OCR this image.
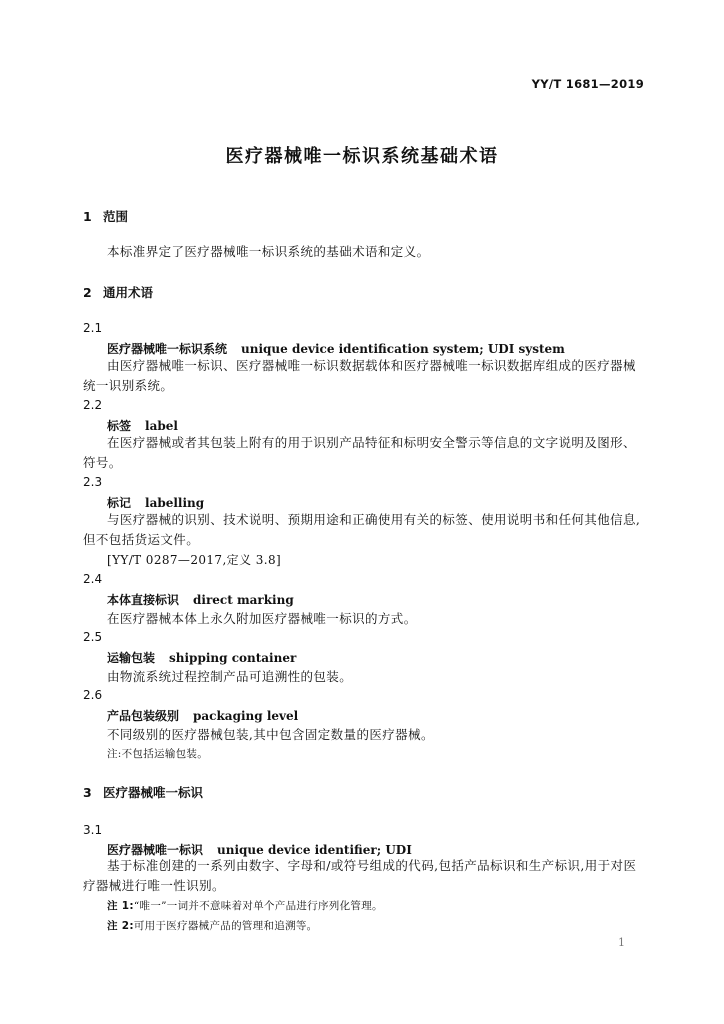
YY/T 1681—2019
医疗器械唯一标识系统基础术语
1 范围
本标准界定了医疗器械唯一标识系统的基础术语和定义。
2 通用术语
2.1
医疗器械唯一标识系统 unique device identification system; UDI system
由医疗器械唯一标识、医疗器械唯一标识数据载体和医疗器械唯一标识数据库组成的医疗器械统一识别系统。
2.2
标签 label
在医疗器械或者其包装上附有的用于识别产品特征和标明安全警示等信息的文字说明及图形、符号。
2.3
标记 labelling
与医疗器械的识别、技术说明、预期用途和正确使用有关的标签、使用说明书和任何其他信息,但不包括货运文件。
[YY/T 0287—2017,定义 3.8]
2.4
本体直接标识 direct marking
在医疗器械本体上永久附加医疗器械唯一标识的方式。
2.5
运输包装 shipping container
由物流系统过程控制产品可追溯性的包装。
2.6
产品包装级别 packaging level
不同级别的医疗器械包装,其中包含固定数量的医疗器械。
注:不包括运输包装。
3 医疗器械唯一标识
3.1
医疗器械唯一标识 unique device identifier; UDI
基于标准创建的一系列由数字、字母和/或符号组成的代码,包括产品标识和生产标识,用于对医疗器械进行唯一性识别。
注 1:“唯一”一词并不意味着对单个产品进行序列化管理。
注 2:可用于医疗器械产品的管理和追溯等。
1
